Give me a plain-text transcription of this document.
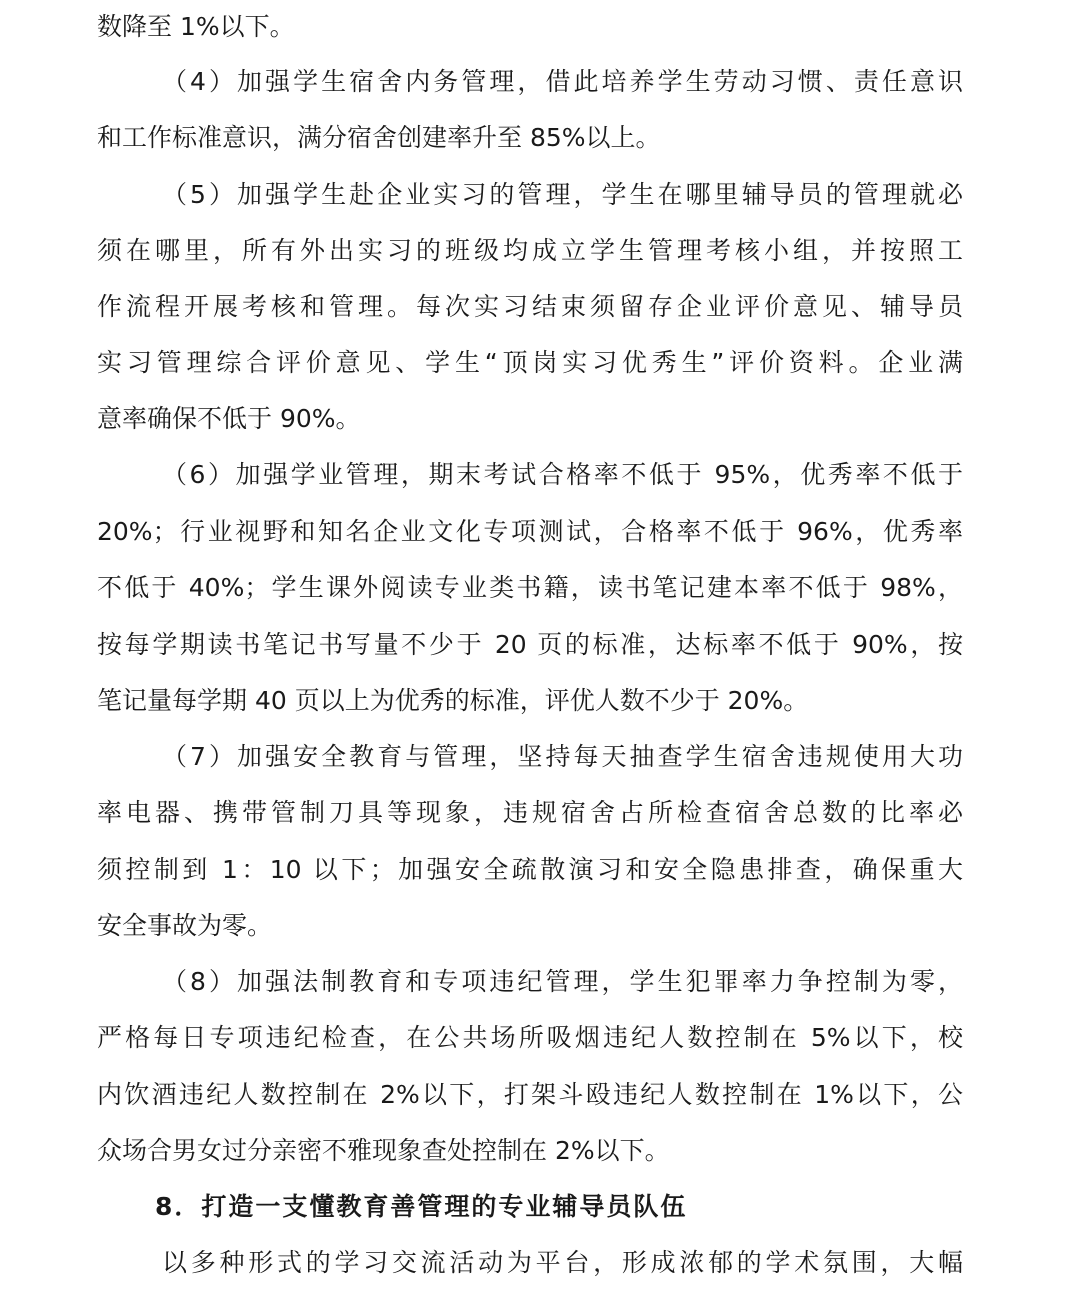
数降至 1%以下。
（4）加强学生宿舍内务管理，借此培养学生劳动习惯、责任意识
和工作标准意识，满分宿舍创建率升至 85%以上。
（5）加强学生赴企业实习的管理，学生在哪里辅导员的管理就必
须在哪里，所有外出实习的班级均成立学生管理考核小组，并按照工
作流程开展考核和管理。每次实习结束须留存企业评价意见、辅导员
实习管理综合评价意见、学生“顶岗实习优秀生”评价资料。企业满
意率确保不低于 90%。
（6）加强学业管理，期末考试合格率不低于 95%，优秀率不低于
20%；行业视野和知名企业文化专项测试，合格率不低于 96%，优秀率
不低于 40%；学生课外阅读专业类书籍，读书笔记建本率不低于 98%，
按每学期读书笔记书写量不少于 20 页的标准，达标率不低于 90%，按
笔记量每学期 40 页以上为优秀的标准，评优人数不少于 20%。
（7）加强安全教育与管理，坚持每天抽查学生宿舍违规使用大功
率电器、携带管制刀具等现象，违规宿舍占所检查宿舍总数的比率必
须控制到 1：10 以下；加强安全疏散演习和安全隐患排查，确保重大
安全事故为零。
（8）加强法制教育和专项违纪管理，学生犯罪率力争控制为零，
严格每日专项违纪检查，在公共场所吸烟违纪人数控制在 5%以下，校
内饮酒违纪人数控制在 2%以下，打架斗殴违纪人数控制在 1%以下，公
众场合男女过分亲密不雅现象查处控制在 2%以下。
8．打造一支懂教育善管理的专业辅导员队伍
以多种形式的学习交流活动为平台，形成浓郁的学术氛围，大幅
